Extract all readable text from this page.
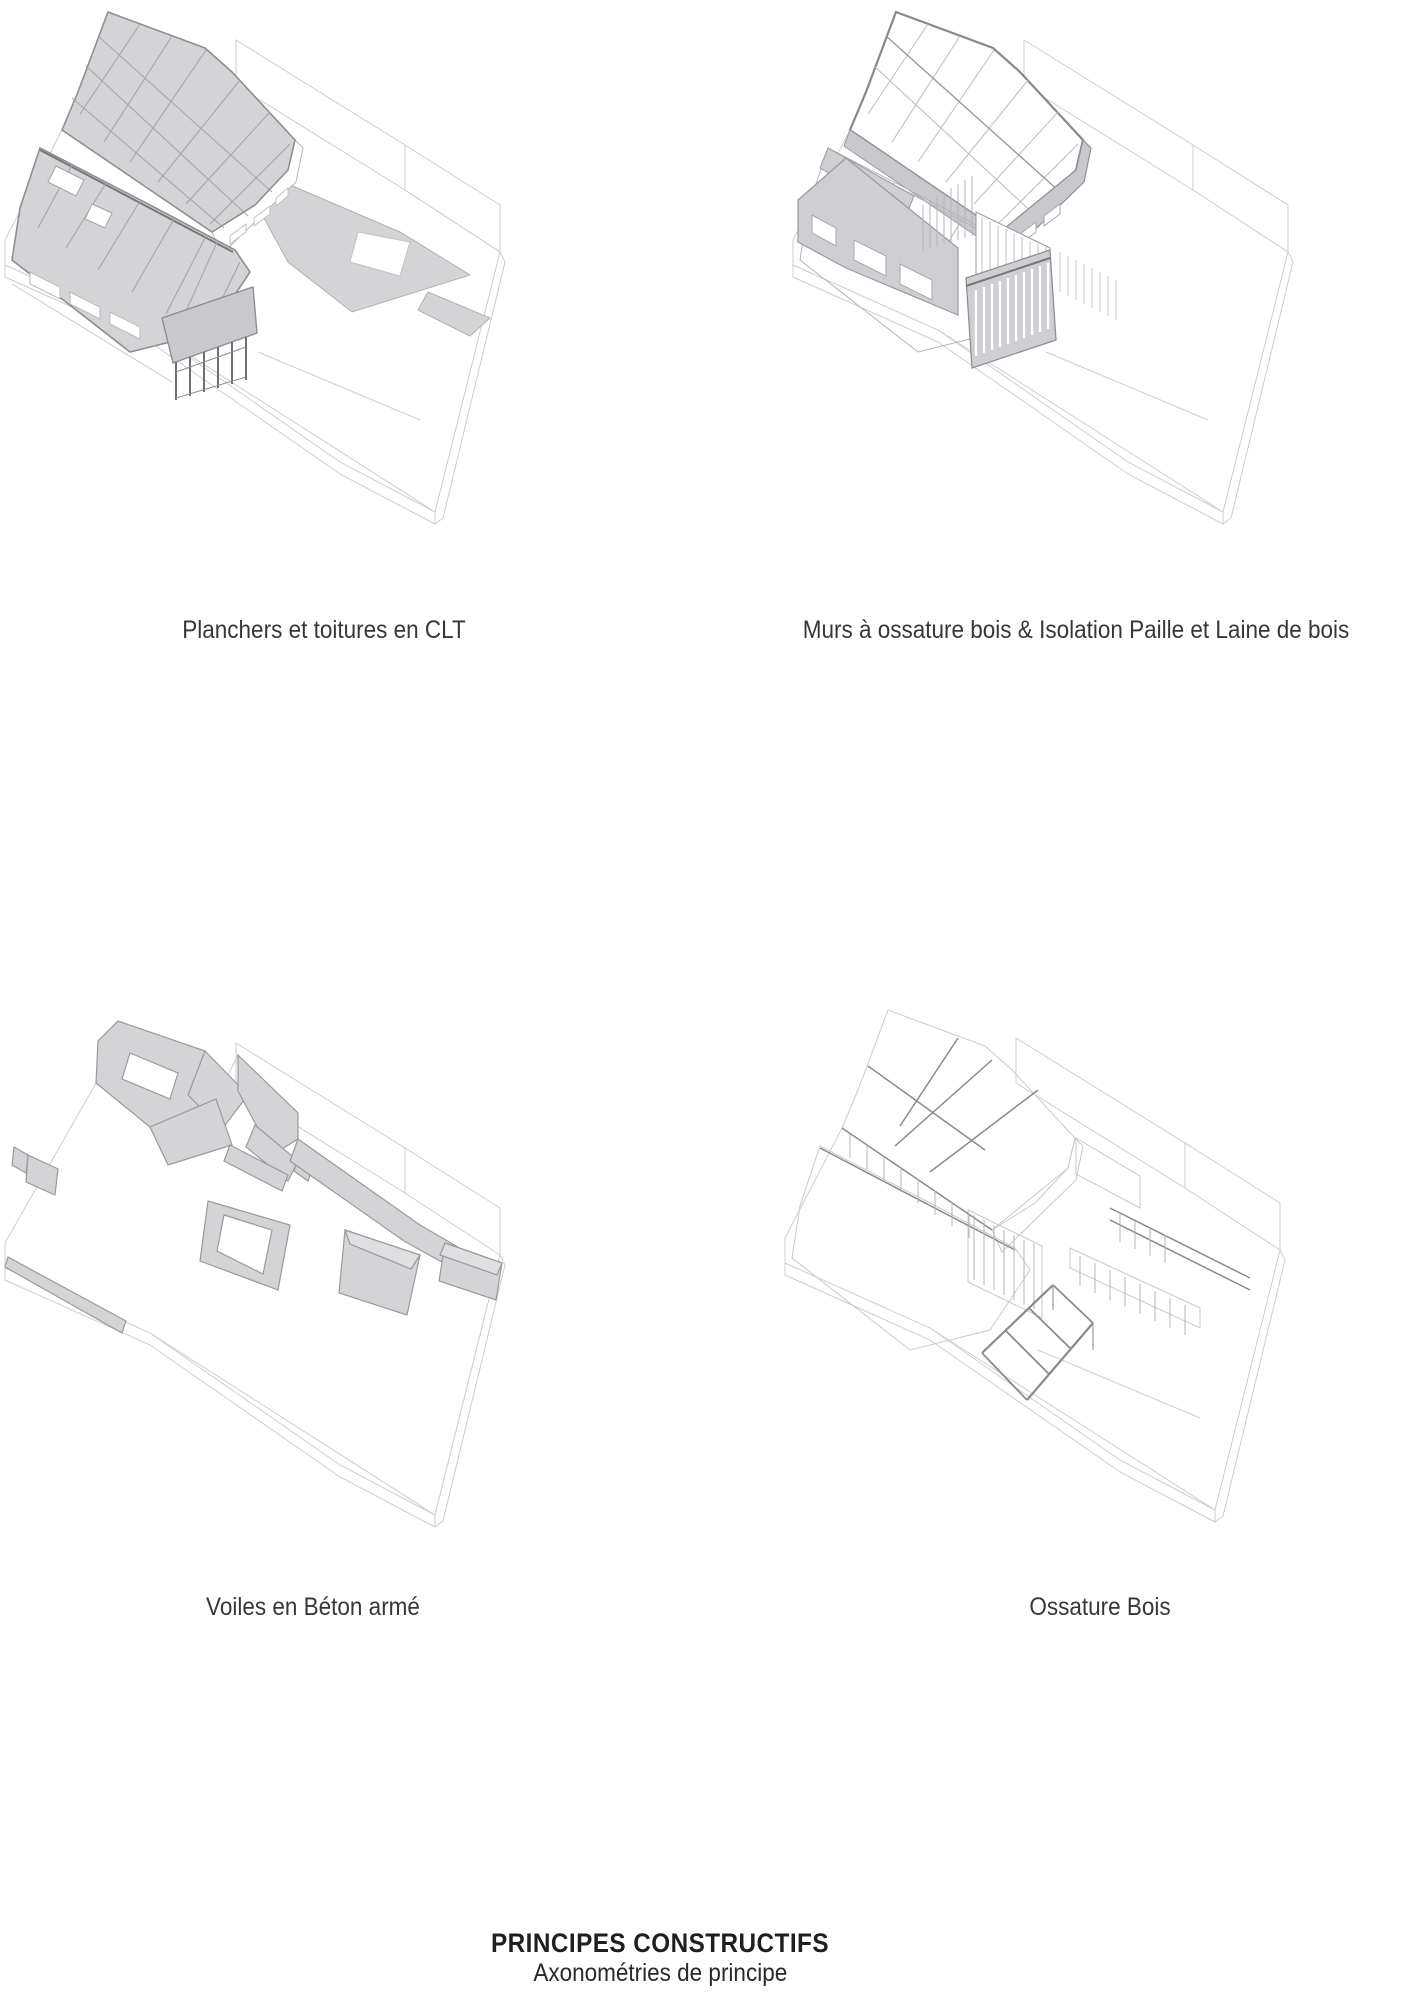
Planchers et toitures en CLT	Murs à ossature bois & Isolation Paille et Laine de bois
Voiles en Béton armé	Ossature Bois
PRINCIPES CONSTRUCTIFS
Axonométries de principe
